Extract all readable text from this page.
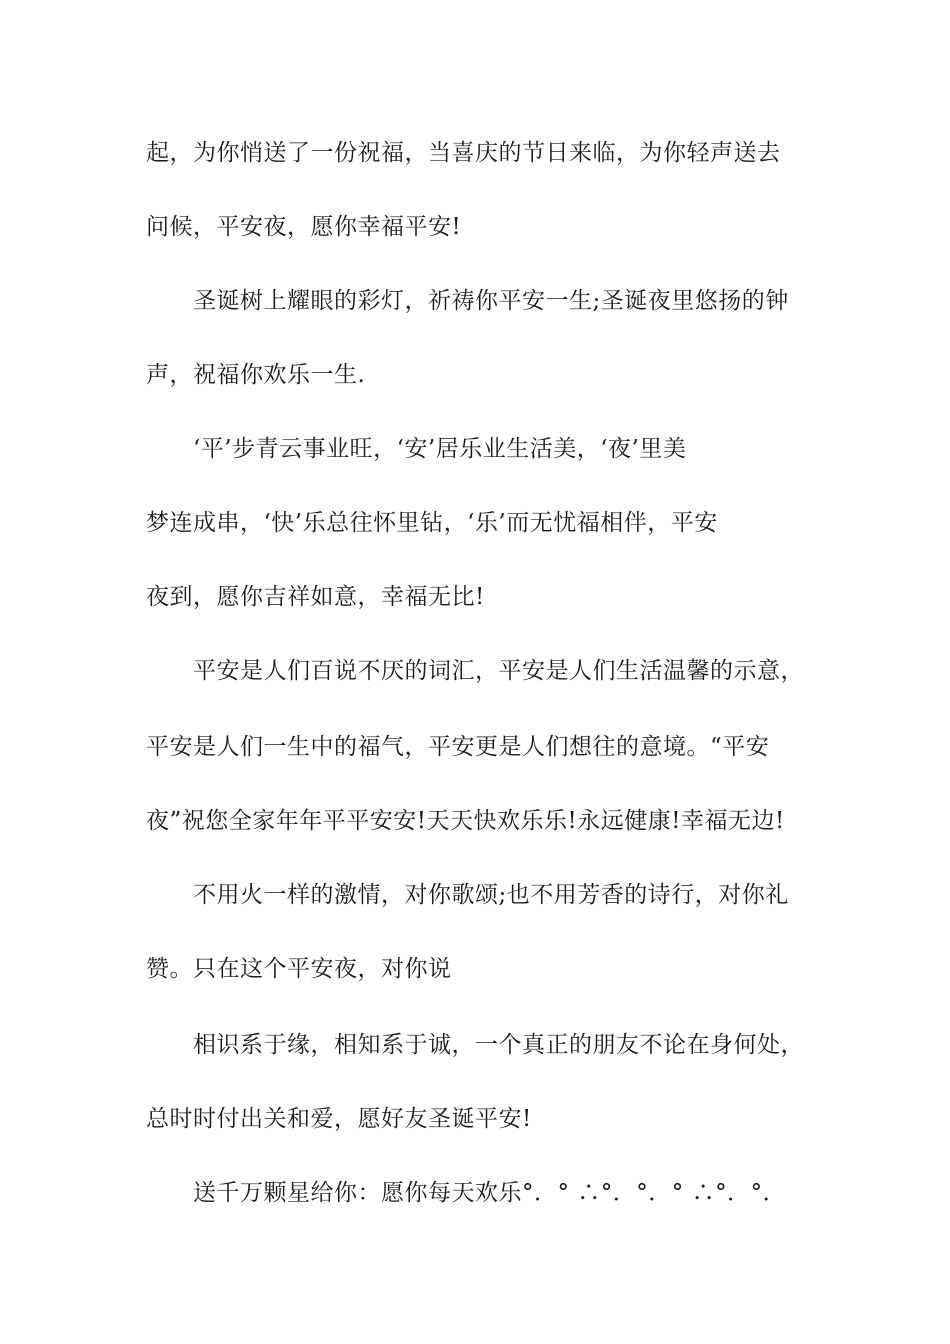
起，为你悄送了一份祝福，当喜庆的节日来临，为你轻声送去
问候，平安夜，愿你幸福平安!
圣诞树上耀眼的彩灯，祈祷你平安一生;圣诞夜里悠扬的钟
声，祝福你欢乐一生.
‘平’步青云事业旺，‘安’居乐业生活美，‘夜’里美
梦连成串，‘快’乐总往怀里钻，‘乐’而无忧福相伴，平安
夜到，愿你吉祥如意，幸福无比!
平安是人们百说不厌的词汇，平安是人们生活温馨的示意，
平安是人们一生中的福气，平安更是人们想往的意境。“平安
夜”祝您全家年年平平安安!天天快欢乐乐!永远健康!幸福无边!
不用火一样的激情，对你歌颂;也不用芳香的诗行，对你礼
赞。只在这个平安夜，对你说
相识系于缘，相知系于诚，一个真正的朋友不论在身何处，
总时时付出关和爱，愿好友圣诞平安!
送千万颗星给你：愿你每天欢乐°．° ∴°．°．° ∴°．°．
